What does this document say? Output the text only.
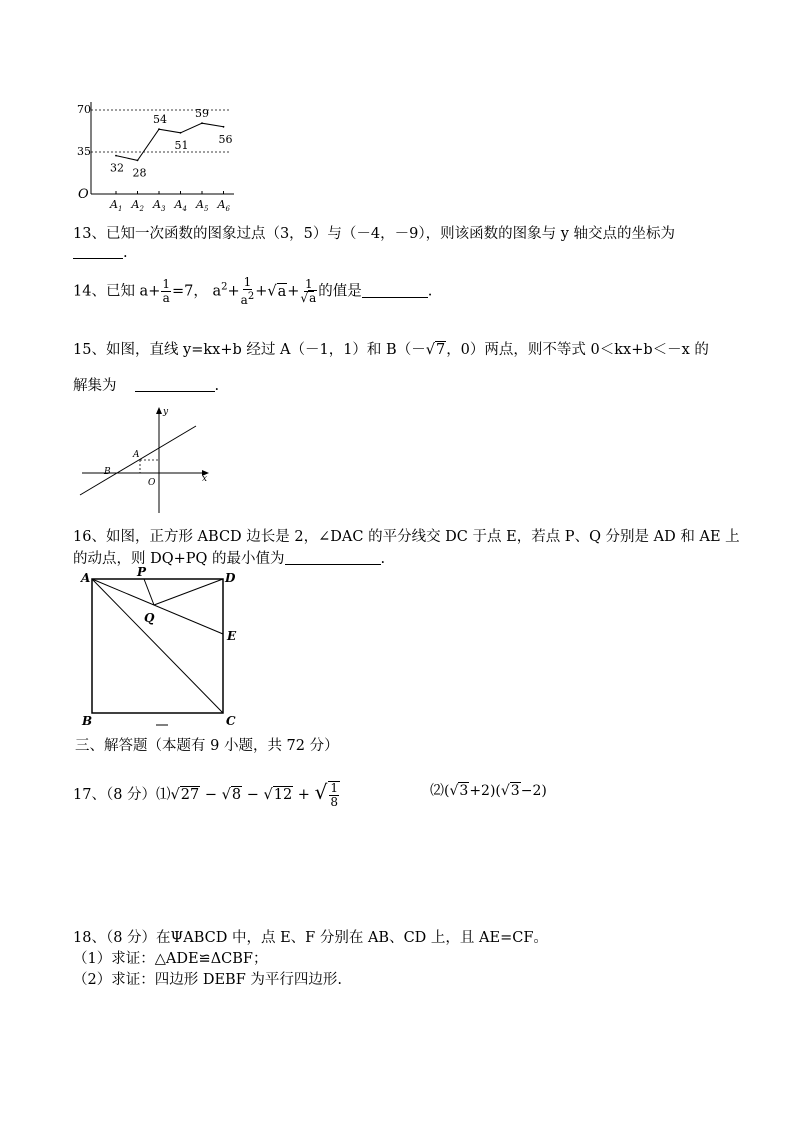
70
35
O
$A_1$ $A_2$ $A_3$ $A_4$ $A_5$ $A_6$
32 28
54
51
59
56
13、已知一次函数的图象过点（3，5）与（－4，－9），则该函数的图象与 y 轴交点的坐标为
.
14、已知 $a+ \frac{1}{a} =7$， $a^2+ \frac{1}{a^2} +√a+ \frac{1}{√a}$ 的值是	.
15、如图，直线 y=kx+b 经过 A（－1，1）和 B（－√7，0）两点，则不等式 0＜kx+b＜－x 的
解集为	.
y
x
O
A
B
16、如图，正方形 ABCD 边长是 2，∠DAC 的平分线交 DC 于点 E，若点 P、Q 分别是 AD 和 AE 上
的动点，则 DQ+PQ 的最小值为	.
A	P	D
Q
E
B	C
三、解答题（本题有 9 小题，共 72 分）
17、（8 分）⑴√27 − √8 − √12 + √ $\frac{1}{8}$	⑵(√3+2)(√3−2)
18、（8 分）在ΨABCD 中，点 E、F 分别在 AB、CD 上，且 AE=CF。
（1）求证：△ADE≌ΔCBF；
（2）求证：四边形 DEBF 为平行四边形.
